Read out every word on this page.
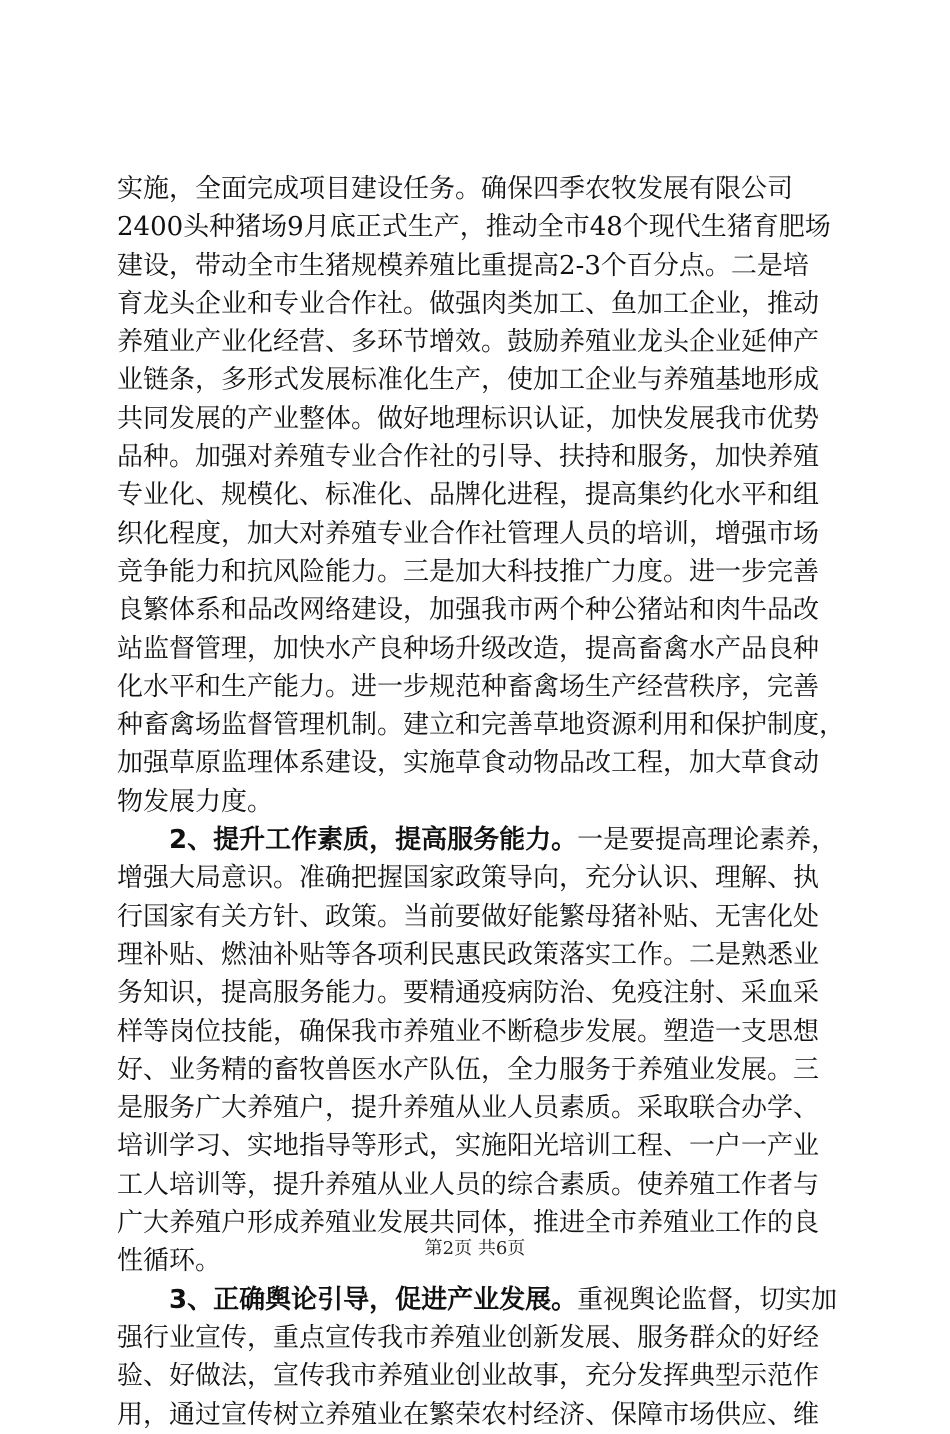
实施，全面完成项目建设任务。确保四季农牧发展有限公司
2400头种猪场9月底正式生产，推动全市48个现代生猪育肥场
建设，带动全市生猪规模养殖比重提高2-3个百分点。二是培
育龙头企业和专业合作社。做强肉类加工、鱼加工企业，推动
养殖业产业化经营、多环节增效。鼓励养殖业龙头企业延伸产
业链条，多形式发展标准化生产，使加工企业与养殖基地形成
共同发展的产业整体。做好地理标识认证，加快发展我市优势
品种。加强对养殖专业合作社的引导、扶持和服务，加快养殖
专业化、规模化、标准化、品牌化进程，提高集约化水平和组
织化程度，加大对养殖专业合作社管理人员的培训，增强市场
竞争能力和抗风险能力。三是加大科技推广力度。进一步完善
良繁体系和品改网络建设，加强我市两个种公猪站和肉牛品改
站监督管理，加快水产良种场升级改造，提高畜禽水产品良种
化水平和生产能力。进一步规范种畜禽场生产经营秩序，完善
种畜禽场监督管理机制。建立和完善草地资源利用和保护制度，
加强草原监理体系建设，实施草食动物品改工程，加大草食动
物发展力度。
2、提升工作素质，提高服务能力。一是要提高理论素养，
增强大局意识。准确把握国家政策导向，充分认识、理解、执
行国家有关方针、政策。当前要做好能繁母猪补贴、无害化处
理补贴、燃油补贴等各项利民惠民政策落实工作。二是熟悉业
务知识，提高服务能力。要精通疫病防治、免疫注射、采血采
样等岗位技能，确保我市养殖业不断稳步发展。塑造一支思想
好、业务精的畜牧兽医水产队伍，全力服务于养殖业发展。三
是服务广大养殖户，提升养殖从业人员素质。采取联合办学、
培训学习、实地指导等形式，实施阳光培训工程、一户一产业
工人培训等，提升养殖从业人员的综合素质。使养殖工作者与
广大养殖户形成养殖业发展共同体，推进全市养殖业工作的良
性循环。
3、正确舆论引导，促进产业发展。重视舆论监督，切实加
强行业宣传，重点宣传我市养殖业创新发展、服务群众的好经
验、好做法，宣传我市养殖业创业故事，充分发挥典型示范作
用，通过宣传树立养殖业在繁荣农村经济、保障市场供应、维
第2页 共6页
